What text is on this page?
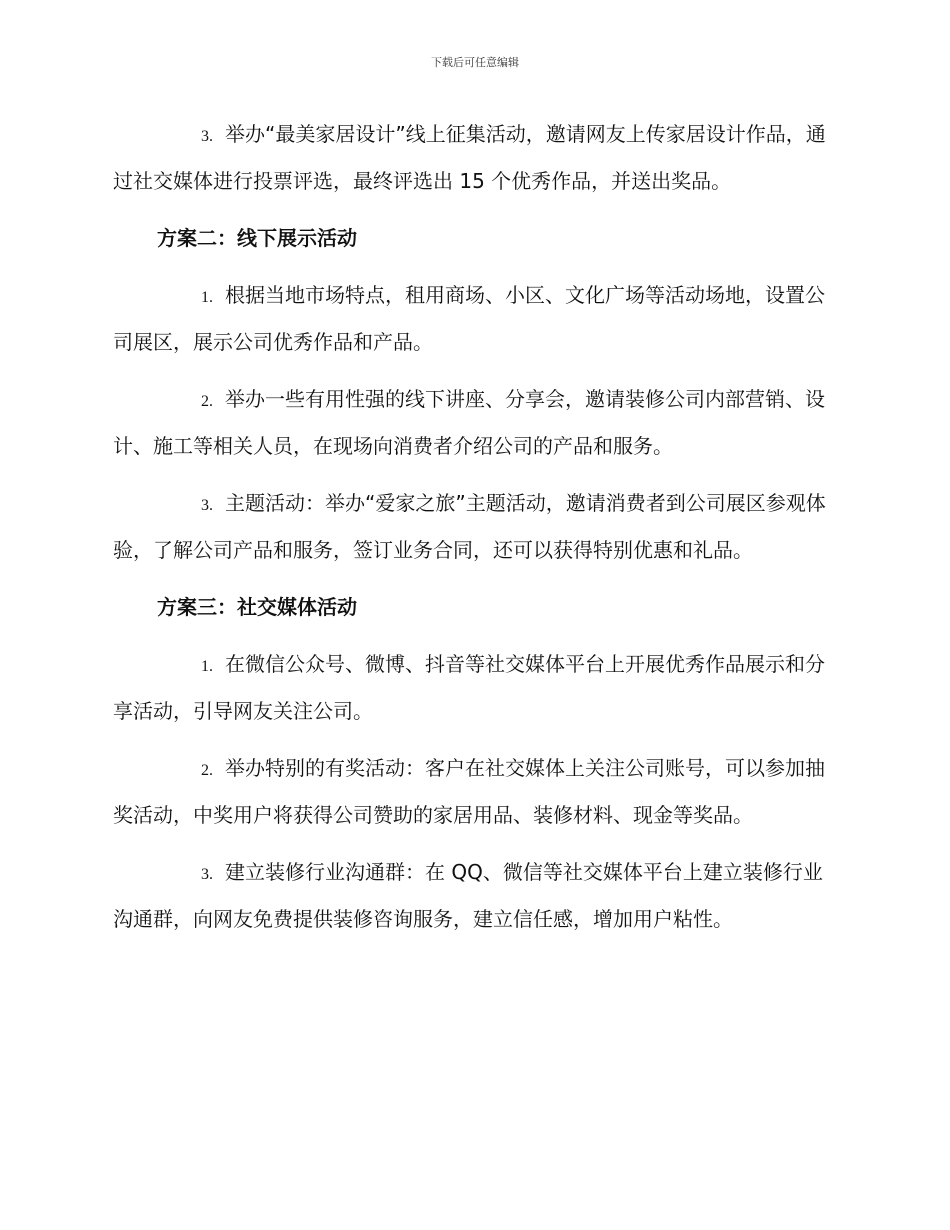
下载后可任意编辑

3. 举办“最美家居设计”线上征集活动，邀请网友上传家居设计作品，通过社交媒体进行投票评选，最终评选出 15 个优秀作品，并送出奖品。

方案二：线下展示活动

1. 根据当地市场特点，租用商场、小区、文化广场等活动场地，设置公司展区，展示公司优秀作品和产品。

2. 举办一些有用性强的线下讲座、分享会，邀请装修公司内部营销、设计、施工等相关人员，在现场向消费者介绍公司的产品和服务。

3. 主题活动：举办“爱家之旅”主题活动，邀请消费者到公司展区参观体验，了解公司产品和服务，签订业务合同，还可以获得特别优惠和礼品。

方案三：社交媒体活动

1. 在微信公众号、微博、抖音等社交媒体平台上开展优秀作品展示和分享活动，引导网友关注公司。

2. 举办特别的有奖活动：客户在社交媒体上关注公司账号，可以参加抽奖活动，中奖用户将获得公司赞助的家居用品、装修材料、现金等奖品。

3. 建立装修行业沟通群：在 QQ、微信等社交媒体平台上建立装修行业沟通群，向网友免费提供装修咨询服务，建立信任感，增加用户粘性。
